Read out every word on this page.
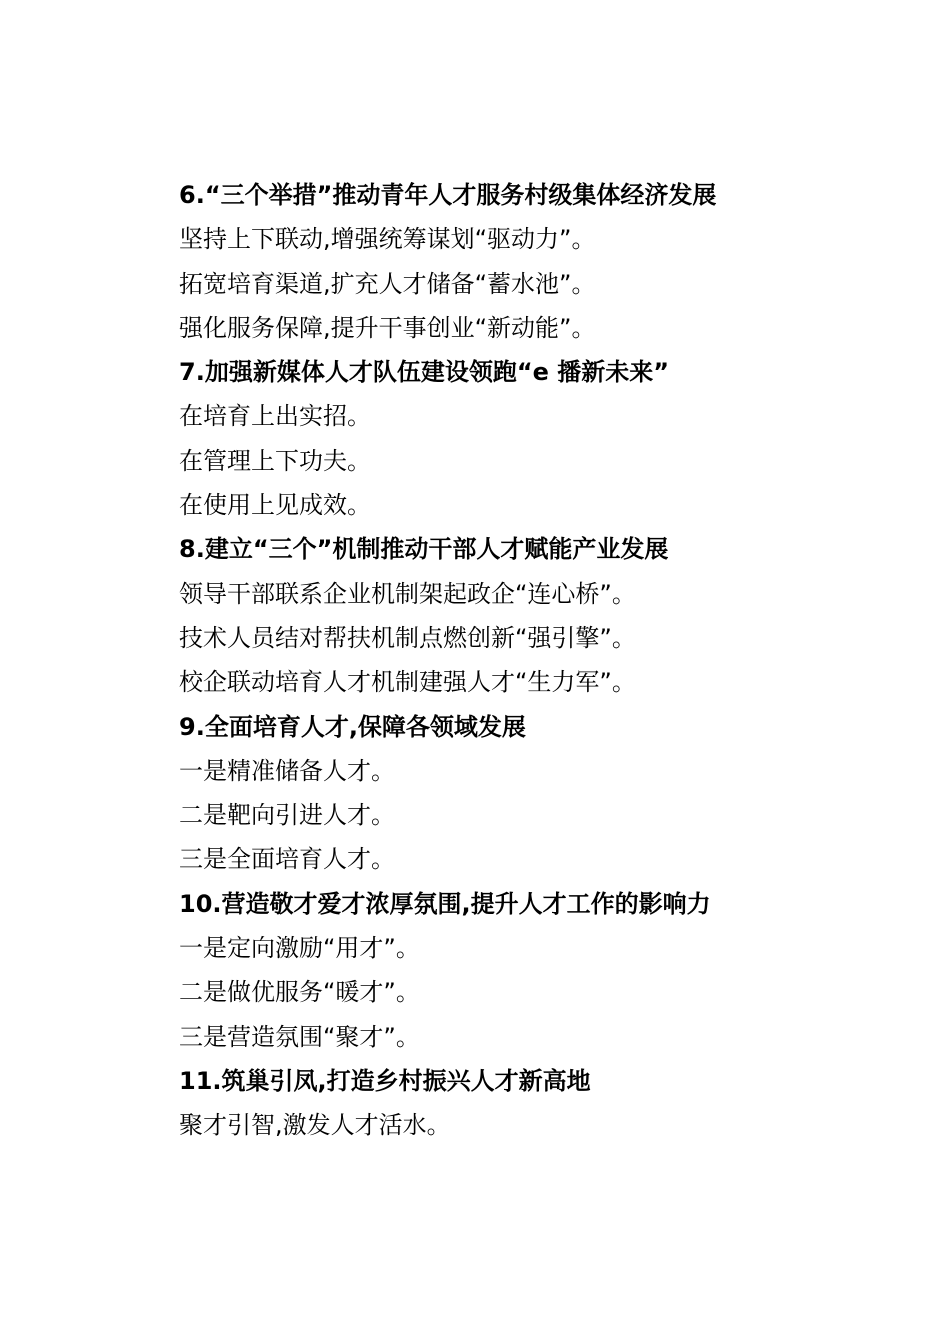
6.“三个举措”推动青年人才服务村级集体经济发展
坚持上下联动,增强统筹谋划“驱动力”。
拓宽培育渠道,扩充人才储备“蓄水池”。
强化服务保障,提升干事创业“新动能”。
7.加强新媒体人才队伍建设领跑“e 播新未来”
在培育上出实招。
在管理上下功夫。
在使用上见成效。
8.建立“三个”机制推动干部人才赋能产业发展
领导干部联系企业机制架起政企“连心桥”。
技术人员结对帮扶机制点燃创新“强引擎”。
校企联动培育人才机制建强人才“生力军”。
9.全面培育人才,保障各领域发展
一是精准储备人才。
二是靶向引进人才。
三是全面培育人才。
10.营造敬才爱才浓厚氛围,提升人才工作的影响力
一是定向激励“用才”。
二是做优服务“暖才”。
三是营造氛围“聚才”。
11.筑巢引凤,打造乡村振兴人才新高地
聚才引智,激发人才活水。
